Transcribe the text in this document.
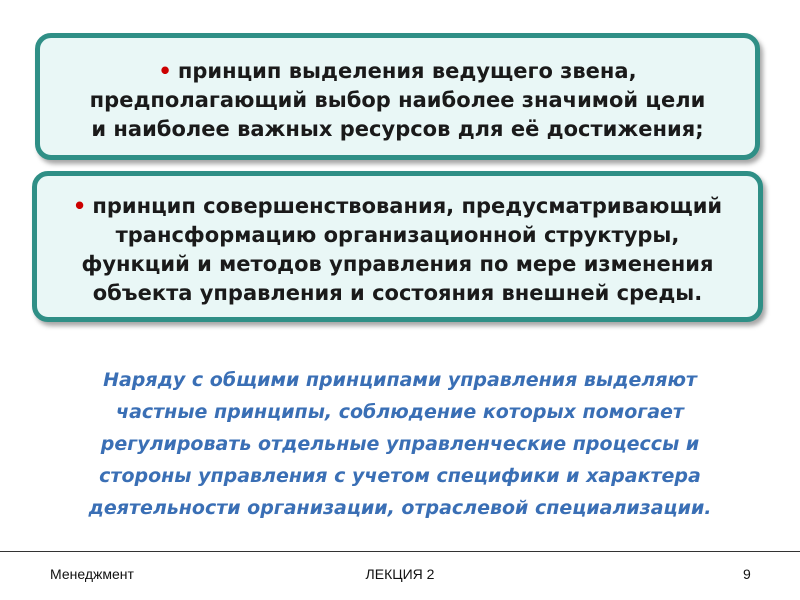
• принцип выделения ведущего звена,
предполагающий выбор наиболее значимой цели
и наиболее важных ресурсов для её достижения;

• принцип совершенствования, предусматривающий
трансформацию организационной структуры,
функций и методов управления по мере изменения
объекта управления и состояния внешней среды.

Наряду с общими принципами управления выделяют
частные принципы, соблюдение которых помогает
регулировать отдельные управленческие процессы и
стороны управления с учетом специфики и характера
деятельности организации, отраслевой специализации.

Менеджмент	ЛЕКЦИЯ 2	9
